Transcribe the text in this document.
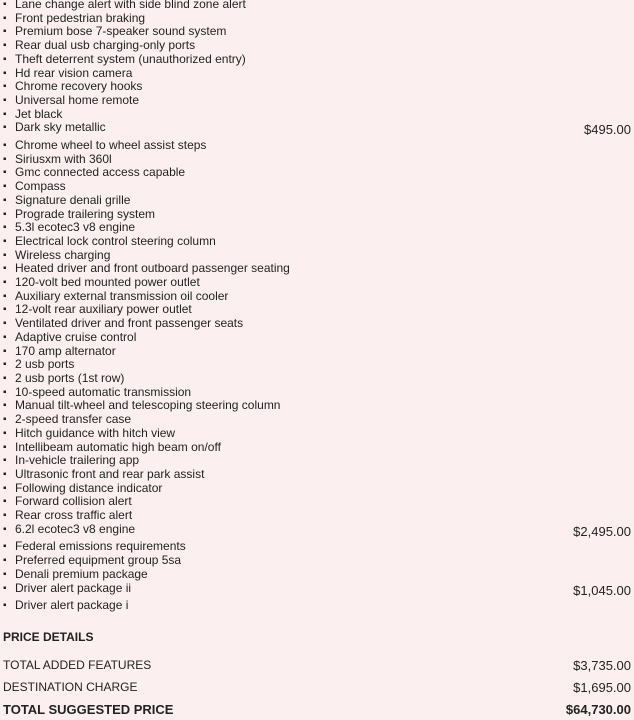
▪ Lane change alert with side blind zone alert
▪ Front pedestrian braking
▪ Premium bose 7-speaker sound system
▪ Rear dual usb charging-only ports
▪ Theft deterrent system (unauthorized entry)
▪ Hd rear vision camera
▪ Chrome recovery hooks
▪ Universal home remote
▪ Jet black
▪ Dark sky metallic	$495.00
▪ Chrome wheel to wheel assist steps
▪ Siriusxm with 360l
▪ Gmc connected access capable
▪ Compass
▪ Signature denali grille
▪ Prograde trailering system
▪ 5.3l ecotec3 v8 engine
▪ Electrical lock control steering column
▪ Wireless charging
▪ Heated driver and front outboard passenger seating
▪ 120-volt bed mounted power outlet
▪ Auxiliary external transmission oil cooler
▪ 12-volt rear auxiliary power outlet
▪ Ventilated driver and front passenger seats
▪ Adaptive cruise control
▪ 170 amp alternator
▪ 2 usb ports
▪ 2 usb ports (1st row)
▪ 10-speed automatic transmission
▪ Manual tilt-wheel and telescoping steering column
▪ 2-speed transfer case
▪ Hitch guidance with hitch view
▪ Intellibeam automatic high beam on/off
▪ In-vehicle trailering app
▪ Ultrasonic front and rear park assist
▪ Following distance indicator
▪ Forward collision alert
▪ Rear cross traffic alert
▪ 6.2l ecotec3 v8 engine	$2,495.00
▪ Federal emissions requirements
▪ Preferred equipment group 5sa
▪ Denali premium package
▪ Driver alert package ii	$1,045.00
▪ Driver alert package i
PRICE DETAILS
TOTAL ADDED FEATURES	$3,735.00
DESTINATION CHARGE	$1,695.00
TOTAL SUGGESTED PRICE	$64,730.00
